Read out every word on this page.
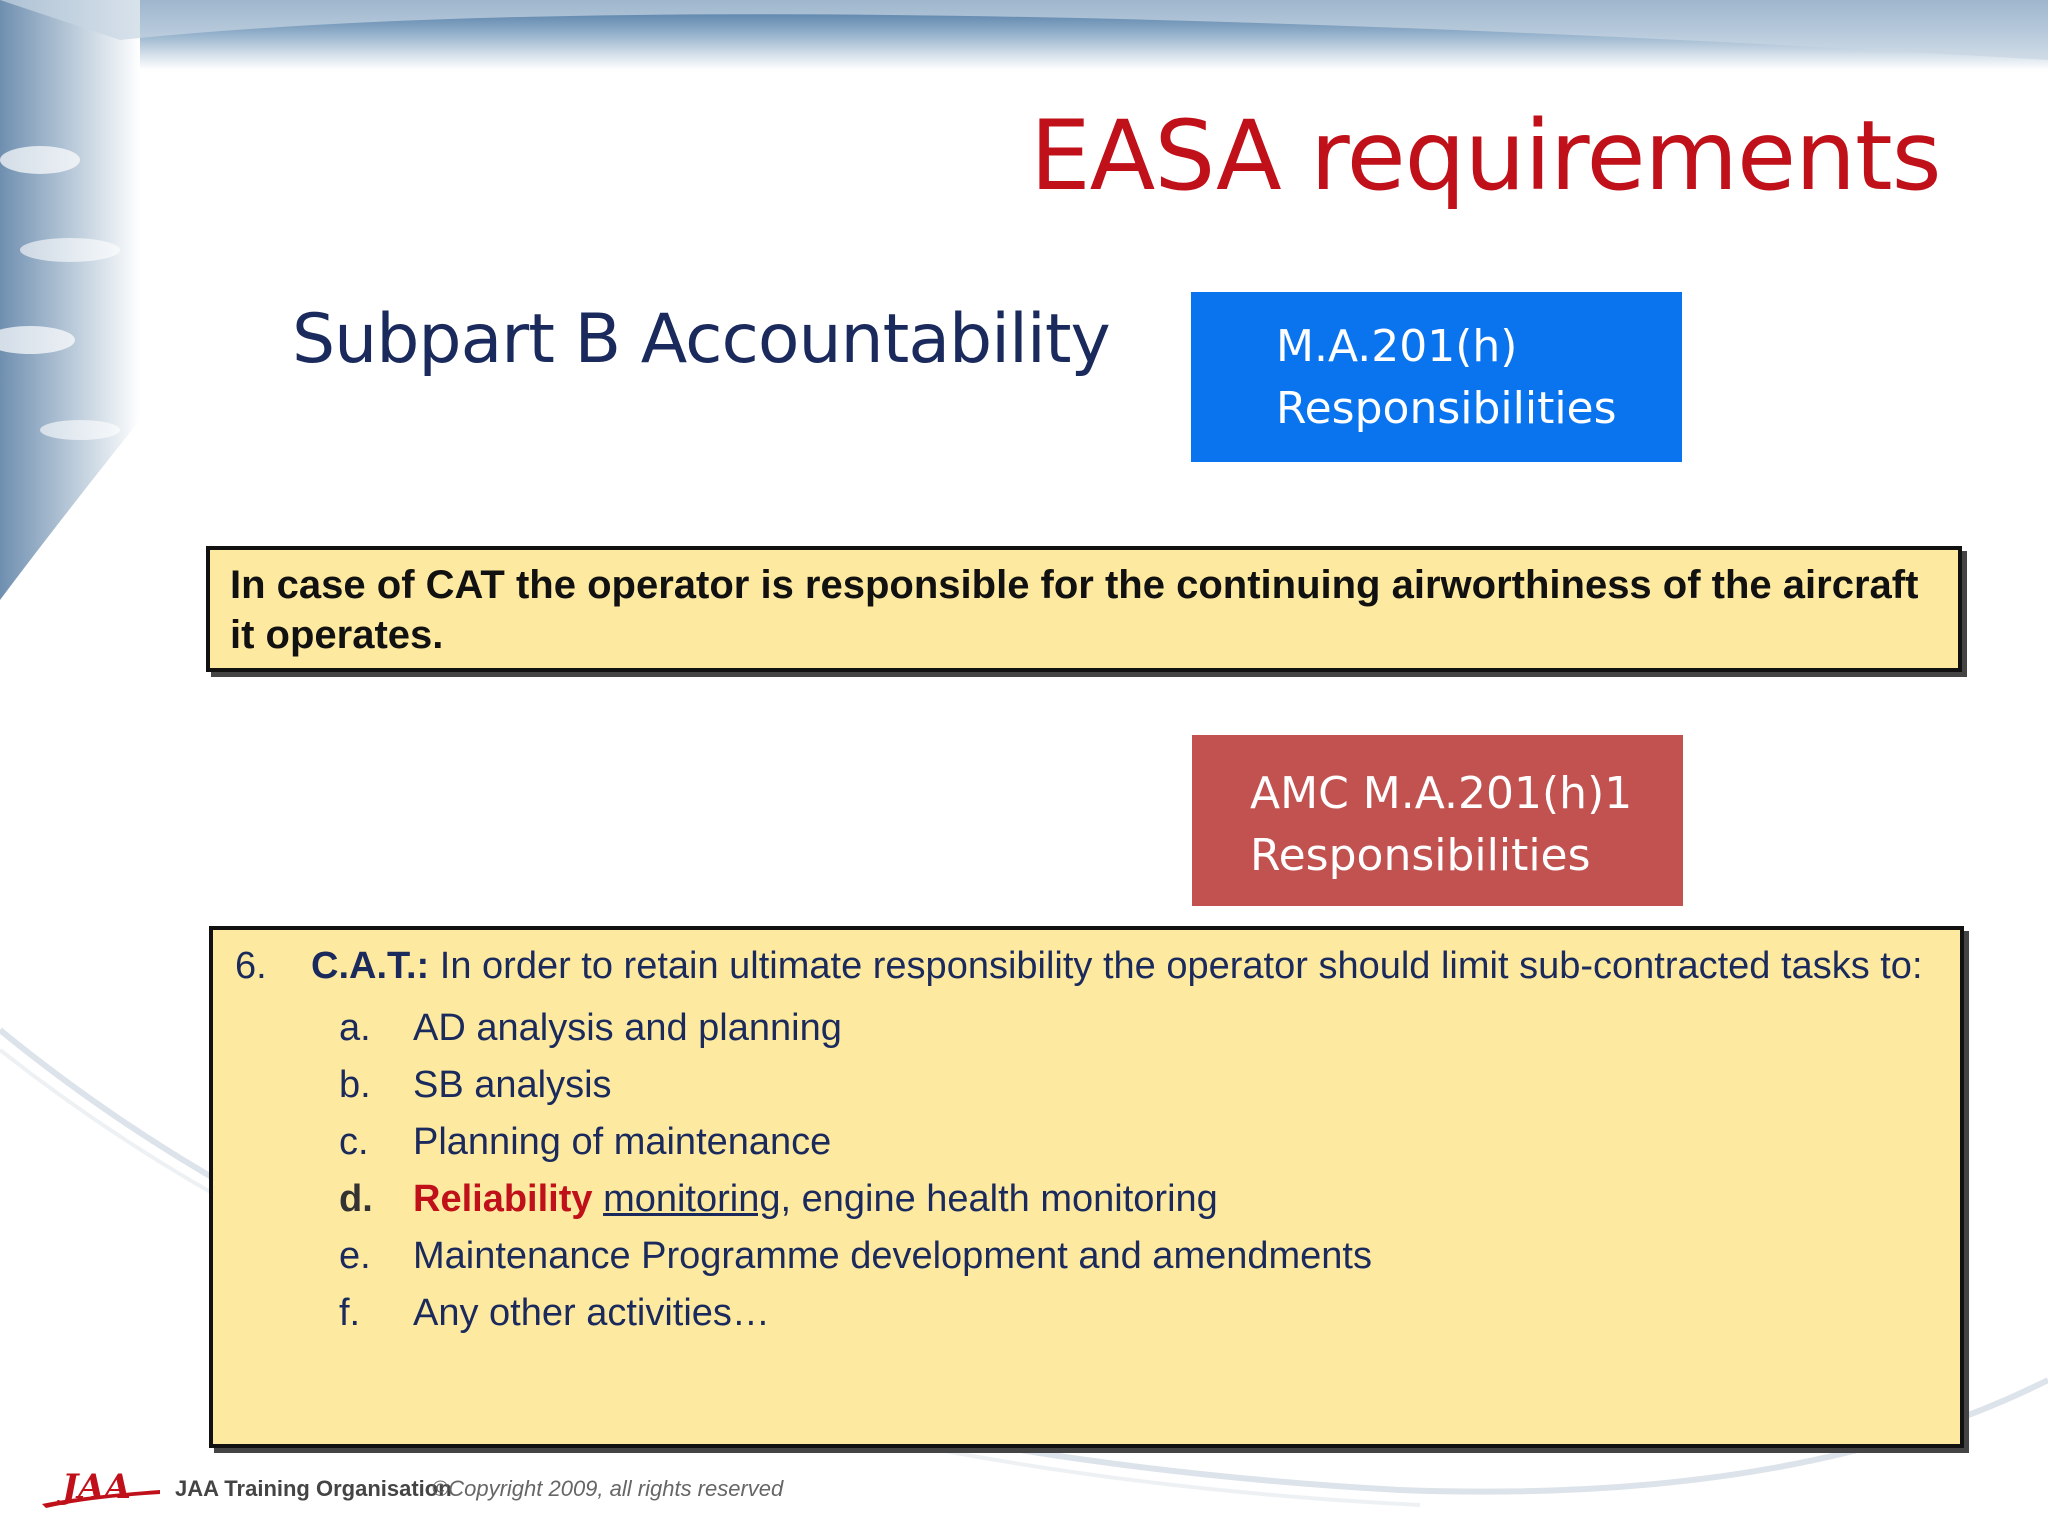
EASA requirements
Subpart B Accountability	M.A.201(h)
Responsibilities
In case of CAT the operator is responsible for the continuing airworthiness of the aircraft it operates.
AMC M.A.201(h)1
Responsibilities
6. C.A.T.: In order to retain ultimate responsibility the operator should limit sub-contracted tasks to:
a. AD analysis and planning
b. SB analysis
c. Planning of maintenance
d. Reliability monitoring, engine health monitoring
e. Maintenance Programme development and amendments
f. Any other activities…
JAA JAA Training Organisation
©Copyright 2009, all rights reserved
